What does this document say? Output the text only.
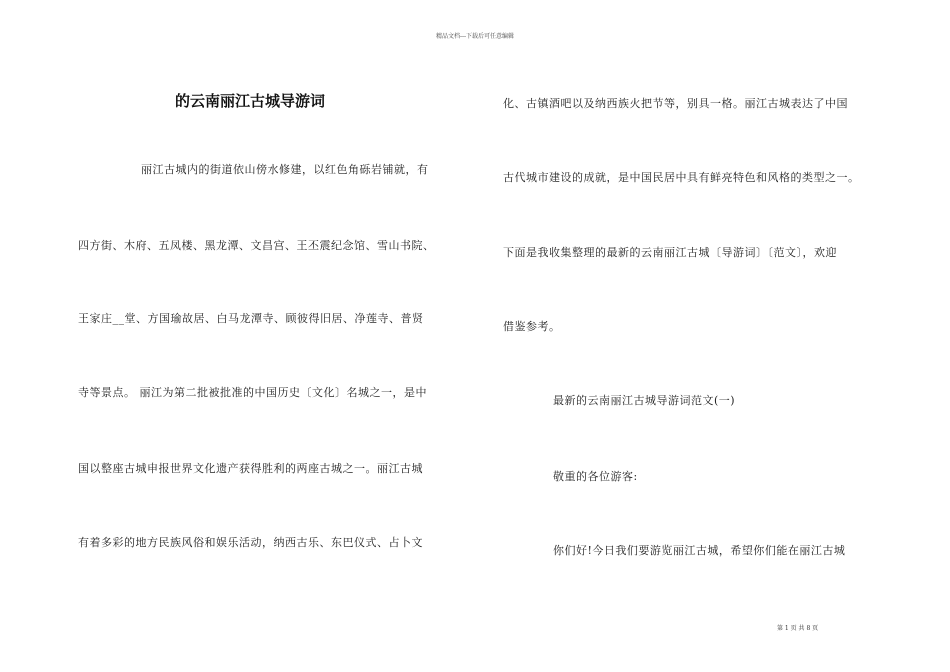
精品文档---下载后可任意编辑
的云南丽江古城导游词
丽江古城内的街道依山傍水修建，以红色角砾岩铺就，有
四方街、木府、五凤楼、黑龙潭、文昌宫、王丕震纪念馆、雪山书院、
王家庄__堂、方国瑜故居、白马龙潭寺、顾彼得旧居、净莲寺、普贤
寺等景点。 丽江为第二批被批准的中国历史〔文化〕名城之一，是中
国以整座古城申报世界文化遗产获得胜利的两座古城之一。丽江古城
有着多彩的地方民族风俗和娱乐活动，纳西古乐、东巴仪式、占卜文
化、古镇酒吧以及纳西族火把节等，别具一格。丽江古城表达了中国
古代城市建设的成就，是中国民居中具有鲜亮特色和风格的类型之一。
下面是我收集整理的最新的云南丽江古城〔导游词〕〔范文〕，欢迎
借鉴参考。
最新的云南丽江古城导游词范文(一)
敬重的各位游客:
你们好!今日我们要游览丽江古城，希望你们能在丽江古城
第 1 页 共 8 页
